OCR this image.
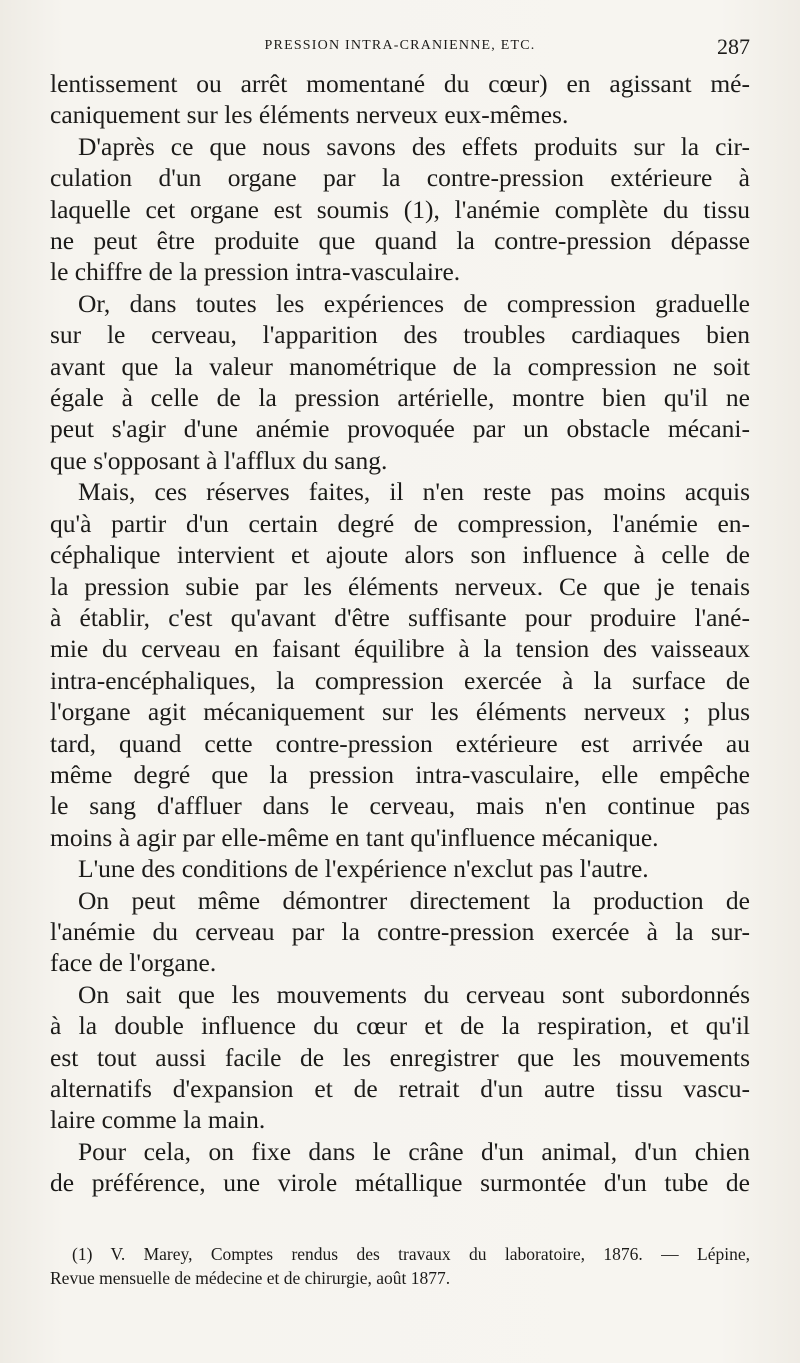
PRESSION INTRA-CRANIENNE, ETC.	287

lentissement ou arrêt momentané du cœur) en agissant mé-

caniquement sur les éléments nerveux eux-mêmes.

D'après ce que nous savons des effets produits sur la cir-

culation d'un organe par la contre-pression extérieure à

laquelle cet organe est soumis (1), l'anémie complète du tissu

ne peut être produite que quand la contre-pression dépasse

le chiffre de la pression intra-vasculaire.

Or, dans toutes les expériences de compression graduelle

sur le cerveau, l'apparition des troubles cardiaques bien

avant que la valeur manométrique de la compression ne soit

égale à celle de la pression artérielle, montre bien qu'il ne

peut s'agir d'une anémie provoquée par un obstacle mécani-

que s'opposant à l'afflux du sang.

Mais, ces réserves faites, il n'en reste pas moins acquis

qu'à partir d'un certain degré de compression, l'anémie en-

céphalique intervient et ajoute alors son influence à celle de

la pression subie par les éléments nerveux. Ce que je tenais

à établir, c'est qu'avant d'être suffisante pour produire l'ané-

mie du cerveau en faisant équilibre à la tension des vaisseaux

intra-encéphaliques, la compression exercée à la surface de

l'organe agit mécaniquement sur les éléments nerveux ; plus

tard, quand cette contre-pression extérieure est arrivée au

même degré que la pression intra-vasculaire, elle empêche

le sang d'affluer dans le cerveau, mais n'en continue pas

moins à agir par elle-même en tant qu'influence mécanique.

L'une des conditions de l'expérience n'exclut pas l'autre.

On peut même démontrer directement la production de

l'anémie du cerveau par la contre-pression exercée à la sur-

face de l'organe.

On sait que les mouvements du cerveau sont subordonnés

à la double influence du cœur et de la respiration, et qu'il

est tout aussi facile de les enregistrer que les mouvements

alternatifs d'expansion et de retrait d'un autre tissu vascu-

laire comme la main.

Pour cela, on fixe dans le crâne d'un animal, d'un chien

de préférence, une virole métallique surmontée d'un tube de

(1) V. Marey, Comptes rendus des travaux du laboratoire, 1876. — Lépine,

Revue mensuelle de médecine et de chirurgie, août 1877.
